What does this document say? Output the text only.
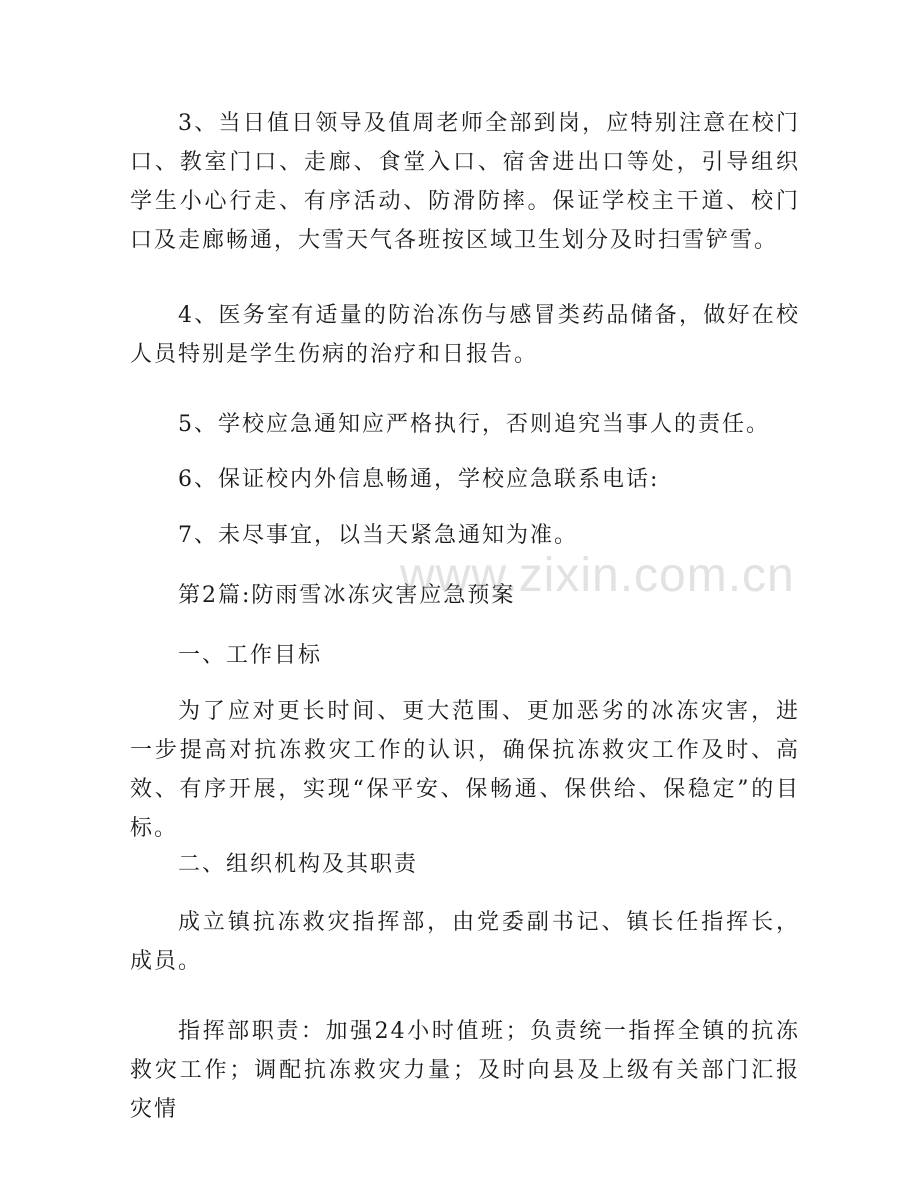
3、当日值日领导及值周老师全部到岗，应特别注意在校门口、教室门口、走廊、食堂入口、宿舍进出口等处，引导组织学生小心行走、有序活动、防滑防摔。保证学校主干道、校门口及走廊畅通，大雪天气各班按区域卫生划分及时扫雪铲雪。

4、医务室有适量的防治冻伤与感冒类药品储备，做好在校人员特别是学生伤病的治疗和日报告。

5、学校应急通知应严格执行，否则追究当事人的责任。

6、保证校内外信息畅通，学校应急联系电话:

7、未尽事宜，以当天紧急通知为准。

第2篇:防雨雪冰冻灾害应急预案

一、工作目标

为了应对更长时间、更大范围、更加恶劣的冰冻灾害，进一步提高对抗冻救灾工作的认识，确保抗冻救灾工作及时、高效、有序开展，实现“保平安、保畅通、保供给、保稳定”的目标。

二、组织机构及其职责

成立镇抗冻救灾指挥部，由党委副书记、镇长任指挥长，成员。

指挥部职责：加强24小时值班；负责统一指挥全镇的抗冻救灾工作；调配抗冻救灾力量；及时向县及上级有关部门汇报灾情

www.zixin.com.cn
